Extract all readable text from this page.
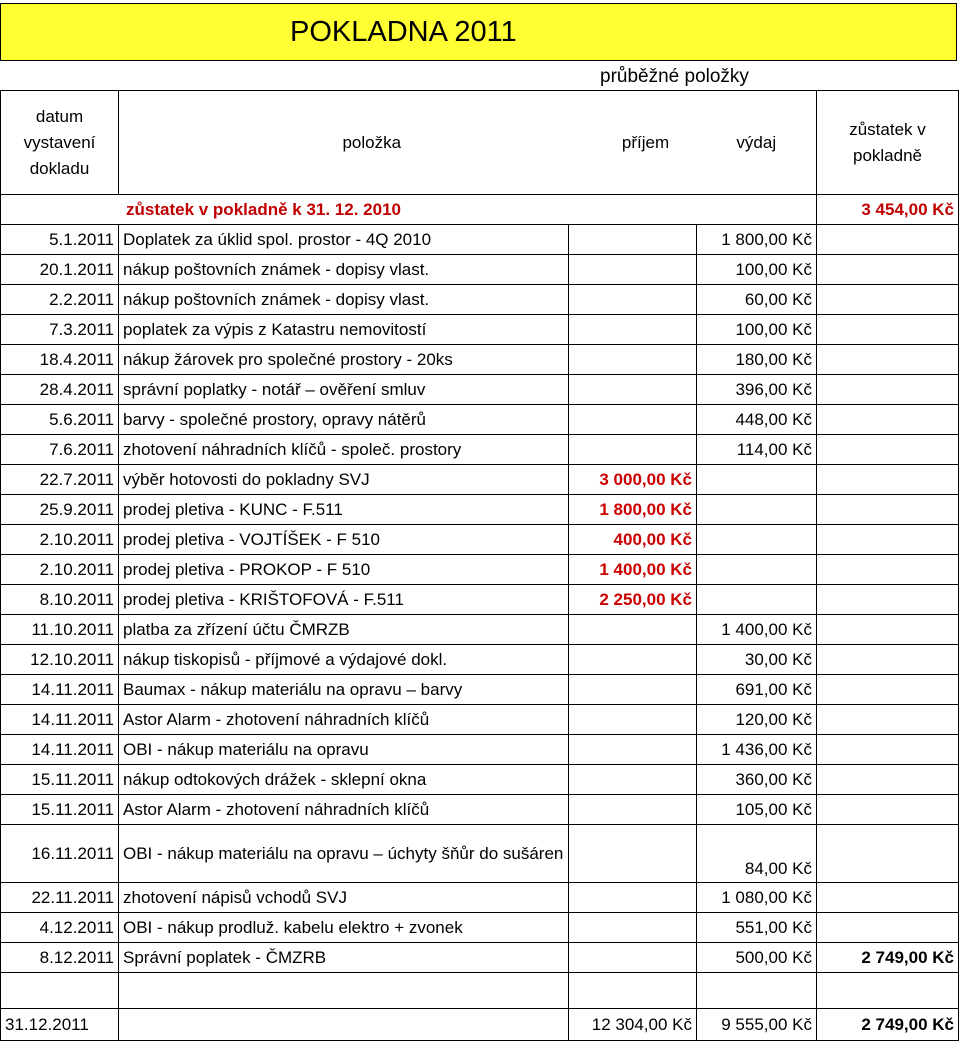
POKLADNA 2011
průběžné položky
datum
vystavení
dokladu	položka	příjem	výdaj	zůstatek v
pokladně
zůstatek v pokladně k 31. 12. 2010				3 454,00 Kč
5.1.2011	Doplatek za úklid spol. prostor - 4Q 2010		1 800,00 Kč	
20.1.2011	nákup poštovních známek - dopisy vlast.		100,00 Kč	
2.2.2011	nákup poštovních známek - dopisy vlast.		60,00 Kč	
7.3.2011	poplatek za výpis z Katastru nemovitostí		100,00 Kč	
18.4.2011	nákup žárovek pro společné prostory - 20ks		180,00 Kč	
28.4.2011	správní poplatky - notář – ověření smluv		396,00 Kč	
5.6.2011	barvy - společné prostory, opravy nátěrů		448,00 Kč	
7.6.2011	zhotovení náhradních klíčů - společ. prostory		114,00 Kč	
22.7.2011	výběr hotovosti do pokladny SVJ	3 000,00 Kč		
25.9.2011	prodej pletiva - KUNC - F.511	1 800,00 Kč		
2.10.2011	prodej pletiva - VOJTÍŠEK - F 510	400,00 Kč		
2.10.2011	prodej pletiva - PROKOP - F 510	1 400,00 Kč		
8.10.2011	prodej pletiva - KRIŠTOFOVÁ - F.511	2 250,00 Kč		
11.10.2011	platba za zřízení účtu ČMRZB		1 400,00 Kč	
12.10.2011	nákup tiskopisů - příjmové a výdajové dokl.		30,00 Kč	
14.11.2011	Baumax - nákup materiálu na opravu – barvy		691,00 Kč	
14.11.2011	Astor Alarm - zhotovení náhradních klíčů		120,00 Kč	
14.11.2011	OBI - nákup materiálu na opravu		1 436,00 Kč	
15.11.2011	nákup odtokových drážek - sklepní okna		360,00 Kč	
15.11.2011	Astor Alarm - zhotovení náhradních klíčů		105,00 Kč	
16.11.2011	OBI - nákup materiálu na opravu – úchyty šňůr do sušáren		84,00 Kč	
22.11.2011	zhotovení nápisů vchodů SVJ		1 080,00 Kč	
4.12.2011	OBI - nákup prodluž. kabelu elektro + zvonek		551,00 Kč	
8.12.2011	Správní poplatek - ČMZRB		500,00 Kč	2 749,00 Kč

31.12.2011		12 304,00 Kč	9 555,00 Kč	2 749,00 Kč
